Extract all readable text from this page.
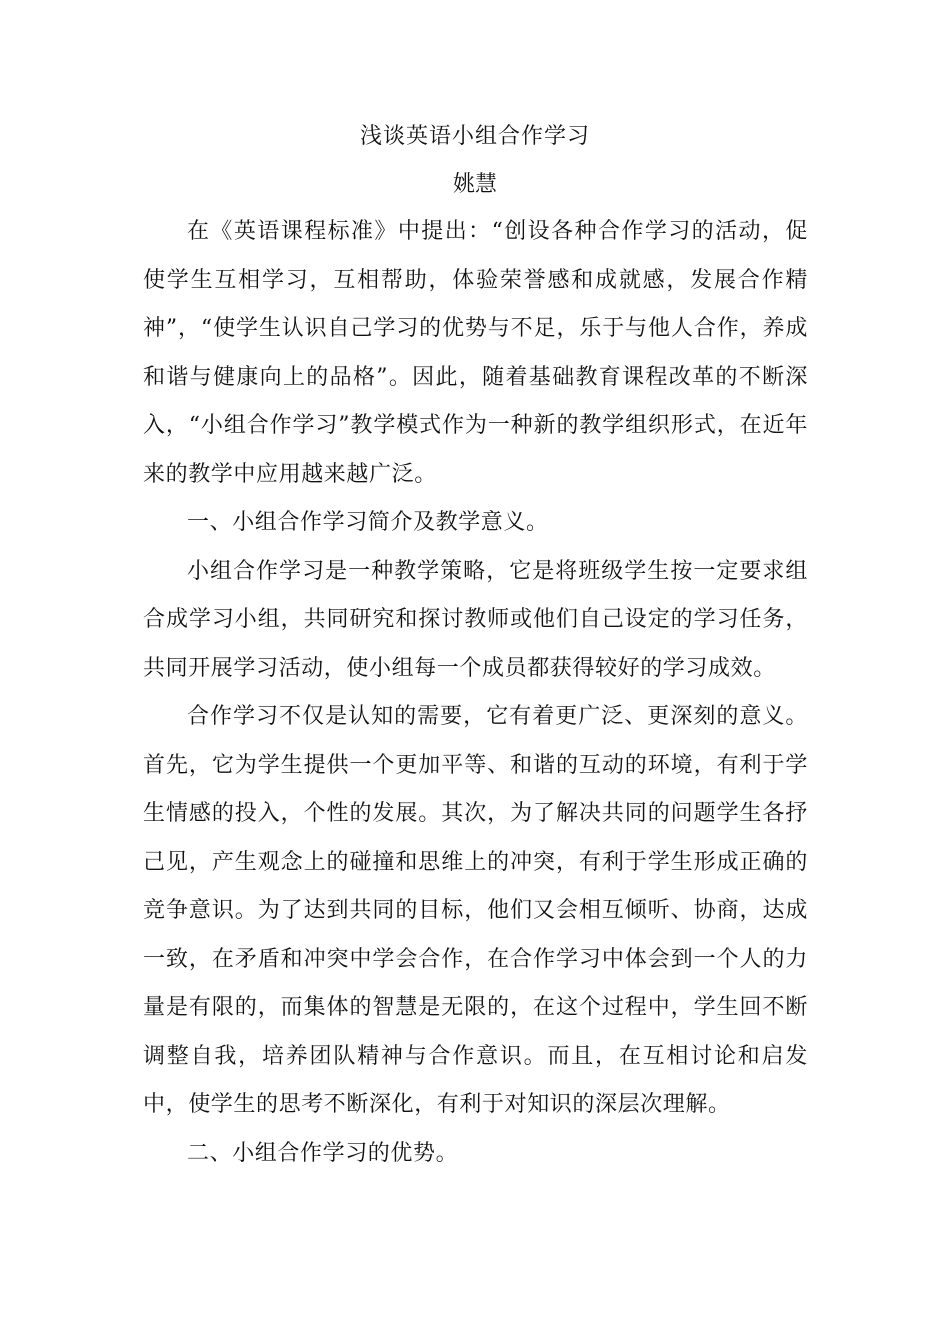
浅谈英语小组合作学习
姚慧

在《英语课程标准》中提出：“创设各种合作学习的活动，促使学生互相学习，互相帮助，体验荣誉感和成就感，发展合作精神”，“使学生认识自己学习的优势与不足，乐于与他人合作，养成和谐与健康向上的品格”。因此，随着基础教育课程改革的不断深入，“小组合作学习”教学模式作为一种新的教学组织形式，在近年来的教学中应用越来越广泛。

一、小组合作学习简介及教学意义。

小组合作学习是一种教学策略，它是将班级学生按一定要求组合成学习小组，共同研究和探讨教师或他们自己设定的学习任务，共同开展学习活动，使小组每一个成员都获得较好的学习成效。

合作学习不仅是认知的需要，它有着更广泛、更深刻的意义。首先，它为学生提供一个更加平等、和谐的互动的环境，有利于学生情感的投入，个性的发展。其次，为了解决共同的问题学生各抒己见，产生观念上的碰撞和思维上的冲突，有利于学生形成正确的竞争意识。为了达到共同的目标，他们又会相互倾听、协商，达成一致，在矛盾和冲突中学会合作，在合作学习中体会到一个人的力量是有限的，而集体的智慧是无限的，在这个过程中，学生回不断调整自我，培养团队精神与合作意识。而且，在互相讨论和启发中，使学生的思考不断深化，有利于对知识的深层次理解。

二、小组合作学习的优势。
